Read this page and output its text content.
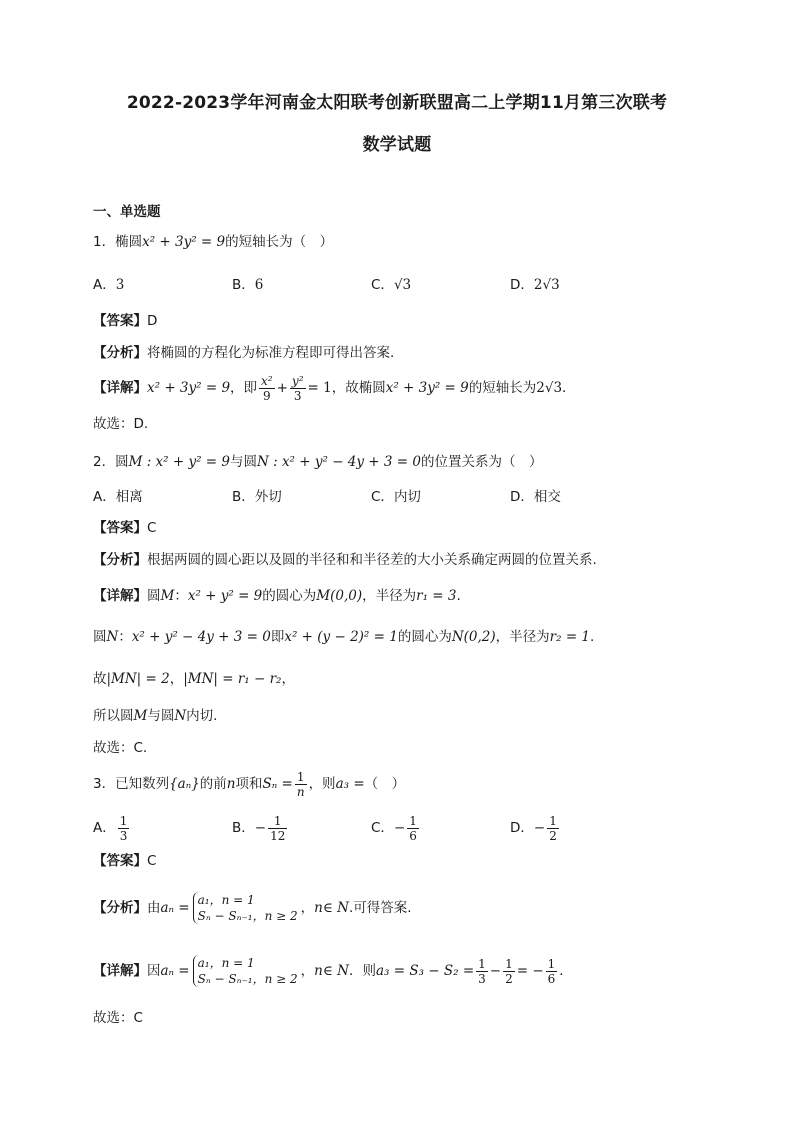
2022-2023学年河南金太阳联考创新联盟高二上学期11月第三次联考
数学试题
一、单选题
1．椭圆x² + 3y² = 9的短轴长为（　）
A．3	B．6	C．√3	D．2√3
【答案】D
【分析】将椭圆的方程化为标准方程即可得出答案.
【详解】x² + 3y² = 9，即 $\frac{\text{x²}}{9} + \frac{\text{y²}}{3} = 1$，故椭圆x² + 3y² = 9的短轴长为2√3．
故选：D.
2．圆M : x² + y² = 9与圆N : x² + y² − 4y + 3 = 0的位置关系为（　）
A．相离	B．外切	C．内切	D．相交
【答案】C
【分析】根据两圆的圆心距以及圆的半径和和半径差的大小关系确定两圆的位置关系.
【详解】圆M：x² + y² = 9的圆心为M(0,0)，半径为r₁ = 3.
圆N：x² + y² − 4y + 3 = 0即x² + (y − 2)² = 1的圆心为N(0,2)，半径为r₂ = 1.
故|MN| = 2，|MN| = r₁ − r₂，
所以圆M与圆N内切.
故选：C.
3．已知数列{aₙ}的前n项和$S_n = \frac{1}{n}$ ，则a₃ =（　）
A． $\frac{1}{3}$	B．− $\frac{1}{12}$	C．− $\frac{1}{6}$	D．− $\frac{1}{2}$
【答案】C
【分析】由aₙ = a₁，n = 1
Sₙ − Sₙ₋₁，n ≥ 2 ，n∈ N.可得答案.
【详解】因aₙ = a₁，n = 1
Sₙ − Sₙ₋₁，n ≥ 2 ，n∈ N．则$a_3 = S_3 - S_2 = \frac{1}{3} - \frac{1}{2}$ = − $\frac{1}{6}$ ．
故选：C
